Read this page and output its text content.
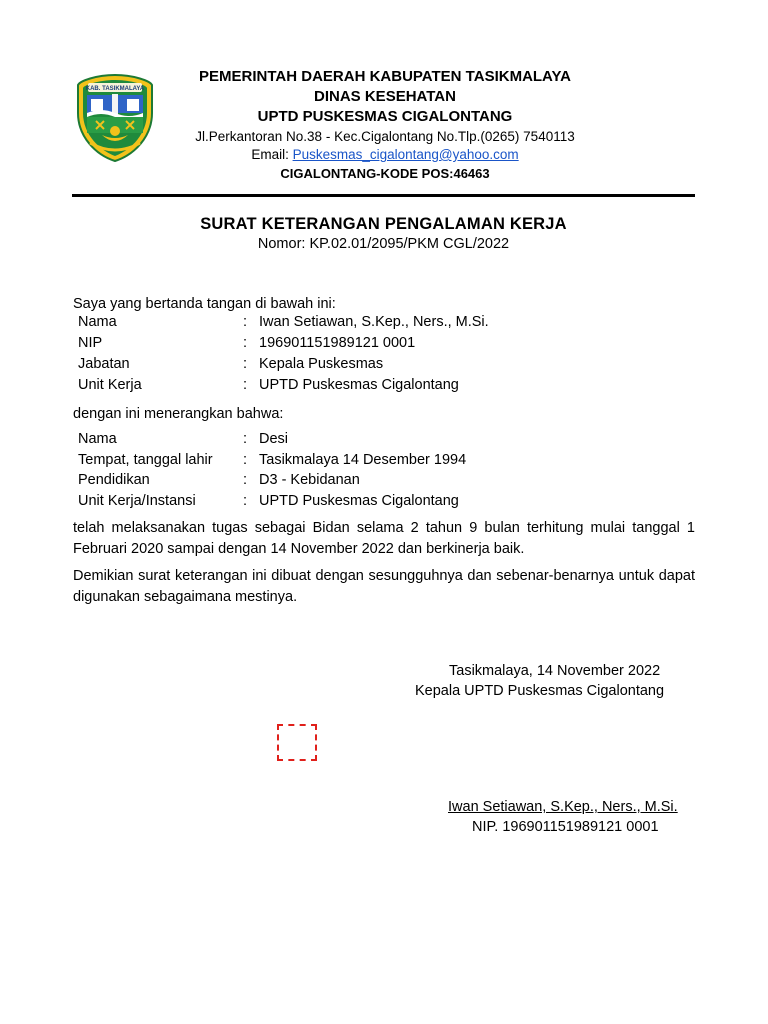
KAB. TASIKMALAYA
PEMERINTAH DAERAH KABUPATEN TASIKMALAYA
DINAS KESEHATAN
UPTD PUSKESMAS CIGALONTANG
Jl.Perkantoran No.38 - Kec.Cigalontang No.Tlp.(0265) 7540113
Email: Puskesmas_cigalontang@yahoo.com
CIGALONTANG-KODE POS:46463
SURAT KETERANGAN PENGALAMAN KERJA
Nomor: KP.02.01/2095/PKM CGL/2022
Saya yang bertanda tangan di bawah ini:
Nama	: Iwan Setiawan, S.Kep., Ners., M.Si.
NIP	: 196901151989121 0001
Jabatan	: Kepala Puskesmas
Unit Kerja	: UPTD Puskesmas Cigalontang
dengan ini menerangkan bahwa:
Nama	: Desi
Tempat, tanggal lahir : Tasikmalaya 14 Desember 1994
Pendidikan	: D3 - Kebidanan
Unit Kerja/Instansi	: UPTD Puskesmas Cigalontang
telah melaksanakan tugas sebagai Bidan selama 2 tahun 9 bulan terhitung mulai tanggal 1 Februari 2020 sampai dengan 14 November 2022 dan berkinerja baik.
Demikian surat keterangan ini dibuat dengan sesungguhnya dan sebenar-benarnya untuk dapat digunakan sebagaimana mestinya.
Tasikmalaya, 14 November 2022
Kepala UPTD Puskesmas Cigalontang
Iwan Setiawan, S.Kep., Ners., M.Si.
NIP. 196901151989121 0001
